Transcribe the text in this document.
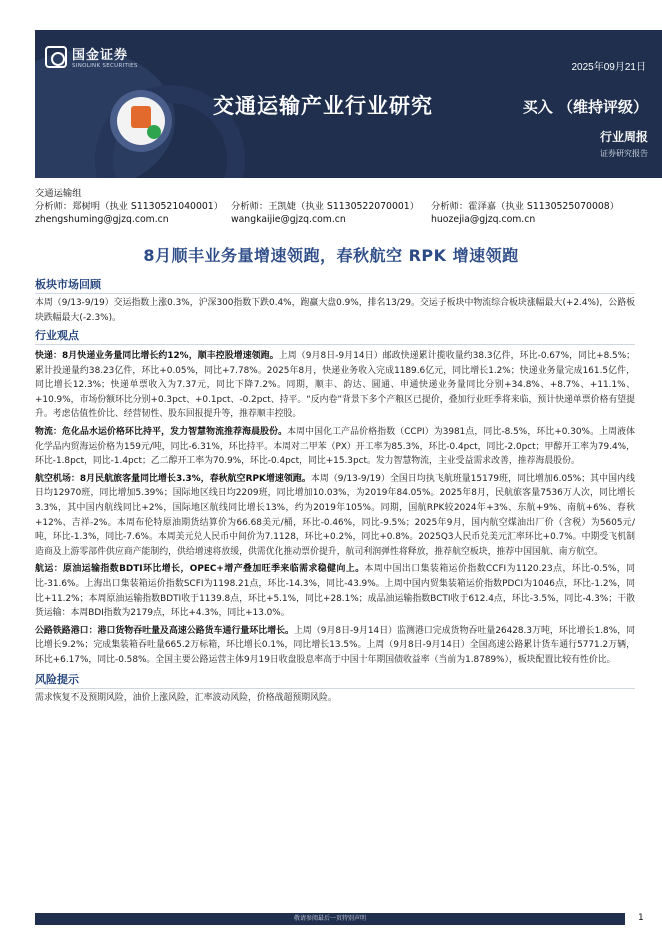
国金证券
SINOLINK SECURITIES	2025年09月21日
交通运输产业行业研究	买入 （维持评级）
行业周报
证券研究报告
交通运输组
分析师：郑树明（执业 S1130521040001） 分析师：王凯婕（执业 S1130522070001）	分析师：霍泽嘉（执业 S1130525070008）
zhengshuming@gjzq.com.cn	wangkaijie@gjzq.com.cn	huozejia@gjzq.com.cn
8月顺丰业务量增速领跑，春秋航空 RPK 增速领跑
板块市场回顾
本周（9/13-9/19）交运指数上涨0.3%，沪深300指数下跌0.4%，跑赢大盘0.9%，排名13/29。交运子板块中物流综合板块涨幅最大(+2.4%)，公路板块跌幅最大(-2.3%)。
行业观点
快递：8月快递业务量同比增长约12%，顺丰控股增速领跑。上周（9月8日-9月14日）邮政快递累计揽收量约38.3亿件，环比-0.67%，同比+8.5%；累计投递量约38.23亿件，环比+0.05%，同比+7.78%。2025年8月，快递业务收入完成1189.6亿元，同比增长1.2%；快递业务量完成161.5亿件，同比增长12.3%；快递单票收入为7.37元，同比下降7.2%。同期，顺丰、韵达、圆通、申通快递业务量同比分别+34.8%、+8.7%、+11.1%、+10.9%，市场份额环比分别+0.3pct、+0.1pct、-0.2pct、持平。“反内卷”背景下多个产粮区已提价，叠加行业旺季将来临，预计快递单票价格有望提升。考虑估值性价比、经营韧性、股东回报提升等，推荐顺丰控股。
物流：危化品水运价格环比持平，发力智慧物流推荐海晨股份。本周中国化工产品价格指数（CCPI）为3981点，同比-8.5%，环比+0.30%。上周液体化学品内贸海运价格为159元/吨，同比-6.31%，环比持平。本周对二甲苯（PX）开工率为85.3%，环比-0.4pct，同比-2.0pct；甲醇开工率为79.4%，环比-1.8pct，同比-1.4pct；乙二醇开工率为70.9%，环比-0.4pct，同比+15.3pct。发力智慧物流，主业受益需求改善，推荐海晨股份。
航空机场：8月民航旅客量同比增长3.3%，春秋航空RPK增速领跑。本周（9/13-9/19）全国日均执飞航班量15179班，同比增加6.05%；其中国内线日均12970班，同比增加5.39%；国际地区线日均2209班，同比增加10.03%，为2019年84.05%。2025年8月，民航旅客量7536万人次，同比增长3.3%，其中国内航线同比+2%，国际地区航线同比增长13%，约为2019年105%。同期，国航RPK较2024年+3%、东航+9%、南航+6%、春秋+12%、吉祥-2%。本周布伦特原油期货结算价为66.68美元/桶，环比-0.46%，同比-9.5%；2025年9月，国内航空煤油出厂价（含税）为5605元/吨，环比-1.3%，同比-7.6%。本周美元兑人民币中间价为7.1128，环比+0.2%，同比+0.8%。2025Q3人民币兑美元汇率环比+0.7%。中期受飞机制造商及上游零部件供应商产能制约，供给增速将放缓，供需优化推动票价提升，航司利润弹性将释放，推荐航空板块，推荐中国国航、南方航空。
航运：原油运输指数BDTI环比增长，OPEC+增产叠加旺季来临需求稳健向上。本周中国出口集装箱运价指数CCFI为1120.23点，环比-0.5%，同比-31.6%。上海出口集装箱运价指数SCFI为1198.21点，环比-14.3%，同比-43.9%。上周中国内贸集装箱运价指数PDCI为1046点，环比-1.2%，同比+11.2%；本周原油运输指数BDTI收于1139.8点，环比+5.1%，同比+28.1%；成品油运输指数BCTI收于612.4点，环比-3.5%，同比-4.3%；干散货运输：本周BDI指数为2179点，环比+4.3%，同比+13.0%。
公路铁路港口：港口货物吞吐量及高速公路货车通行量环比增长。上周（9月8日-9月14日）监测港口完成货物吞吐量26428.3万吨，环比增长1.8%，同比增长9.2%；完成集装箱吞吐量665.2万标箱，环比增长0.1%，同比增长13.5%。上周（9月8日-9月14日）全国高速公路累计货车通行5771.2万辆，环比+6.17%，同比-0.58%。全国主要公路运营主体9月19日收盘股息率高于中国十年期国债收益率（当前为1.8789%），板块配置比较有性价比。
风险提示
需求恢复不及预期风险，油价上涨风险，汇率波动风险，价格战超预期风险。
敬请参阅最后一页特别声明	1
